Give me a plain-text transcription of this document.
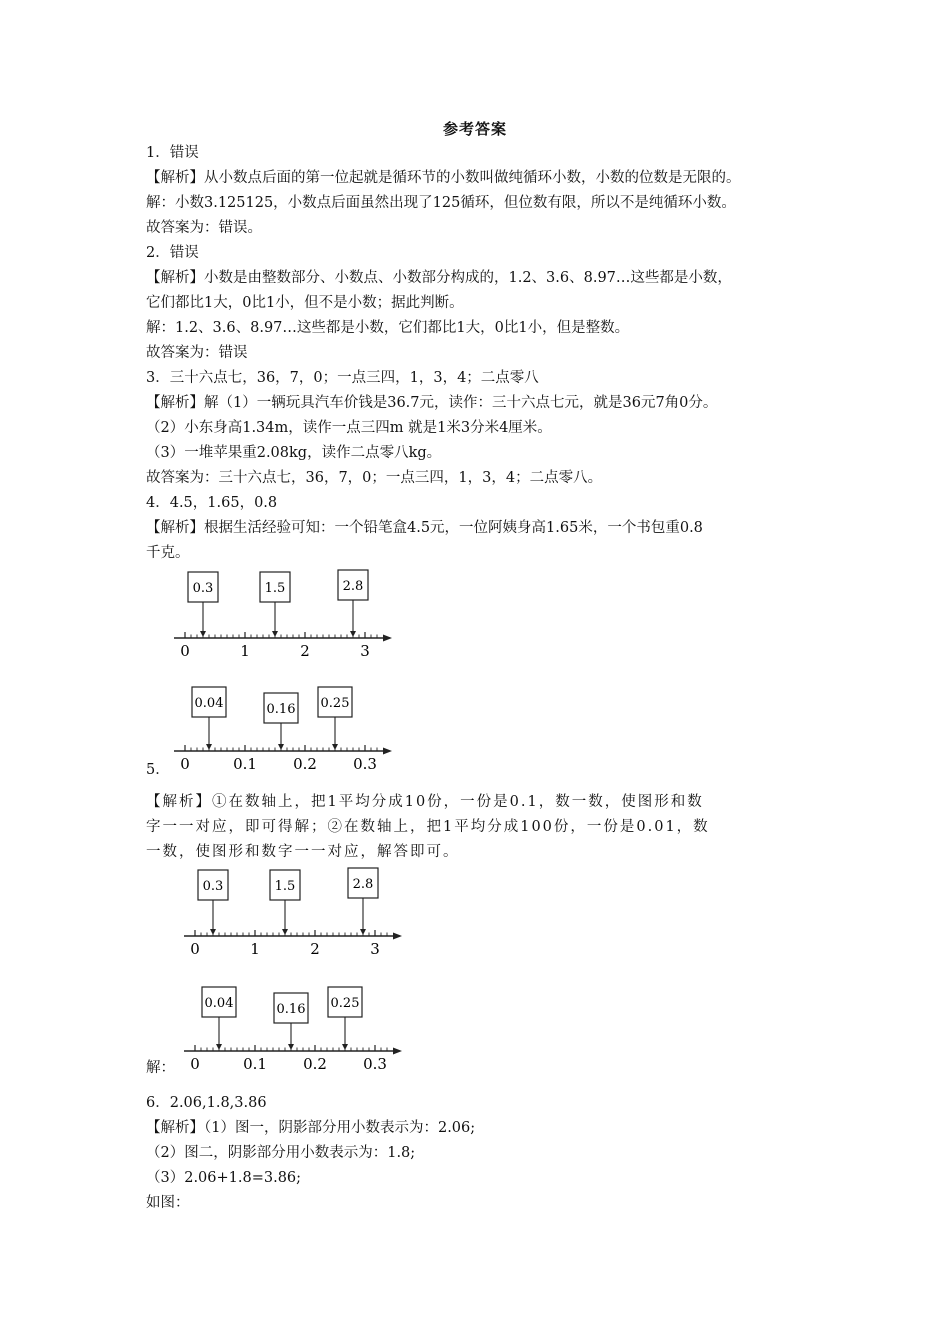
参考答案
1．错误
【解析】从小数点后面的第一位起就是循环节的小数叫做纯循环小数，小数的位数是无限的。
解：小数3.125125，小数点后面虽然出现了125循环，但位数有限，所以不是纯循环小数。
故答案为：错误。
2．错误
【解析】小数是由整数部分、小数点、小数部分构成的，1.2、3.6、8.97…这些都是小数，
它们都比1大，0比1小，但不是小数；据此判断。
解：1.2、3.6、8.97…这些都是小数，它们都比1大，0比1小，但是整数。
故答案为：错误
3．三十六点七，36，7，0；一点三四，1，3，4；二点零八
【解析】解（1）一辆玩具汽车价钱是36.7元，读作：三十六点七元，就是36元7角0分。
（2）小东身高1.34m，读作一点三四m 就是1米3分米4厘米。
（3）一堆苹果重2.08kg，读作二点零八kg。
故答案为：三十六点七，36，7，0；一点三四，1，3，4；二点零八。
4．4.5，1.65，0.8
【解析】根据生活经验可知：一个铅笔盒4.5元，一位阿姨身高1.65米，一个书包重0.8
千克。
0	1	2	3
0.3	1.5	2.8
0	0.1 0.2 0.3
0.04	0.16 0.25
5．
【解析】①在数轴上，把1平均分成10份，一份是0.1，数一数，使图形和数
字一一对应，即可得解；②在数轴上，把1平均分成100份，一份是0.01，数
一数，使图形和数字一一对应，解答即可。
0	1	2	3
0.3	1.5	2.8
0	0.1 0.2 0.3
0.04	0.16 0.25
解：
6．2.06,1.8,3.86
【解析】（1）图一，阴影部分用小数表示为：2.06;
（2）图二，阴影部分用小数表示为：1.8;
（3）2.06+1.8=3.86;
如图：
